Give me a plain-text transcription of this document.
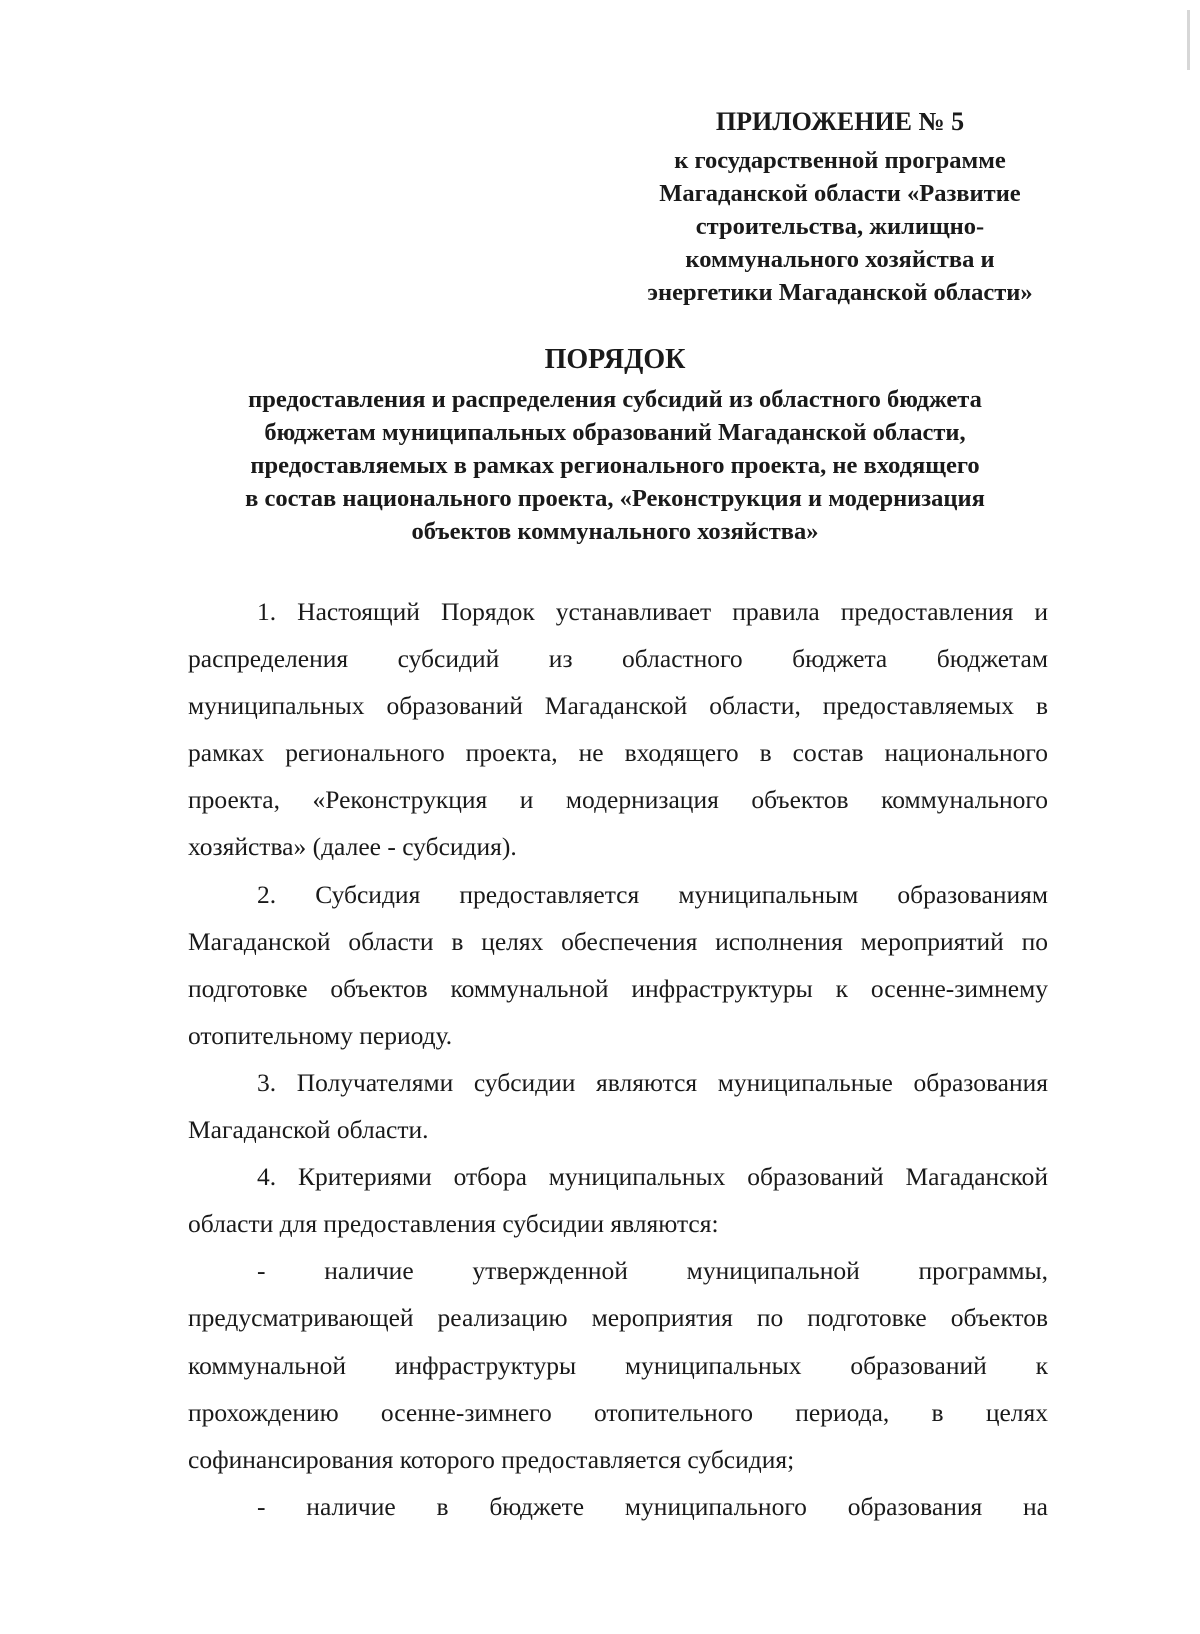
ПРИЛОЖЕНИЕ № 5
к государственной программе
Магаданской области «Развитие
строительства, жилищно-
коммунального хозяйства и
энергетики Магаданской области»
ПОРЯДОК
предоставления и распределения субсидий из областного бюджета
бюджетам муниципальных образований Магаданской области,
предоставляемых в рамках регионального проекта, не входящего
в состав национального проекта, «Реконструкция и модернизация
объектов коммунального хозяйства»
1. Настоящий Порядок устанавливает правила предоставления и
распределения субсидий из областного бюджета бюджетам
муниципальных образований Магаданской области, предоставляемых в
рамках регионального проекта, не входящего в состав национального
проекта, «Реконструкция и модернизация объектов коммунального
хозяйства» (далее - субсидия).
2. Субсидия предоставляется муниципальным образованиям
Магаданской области в целях обеспечения исполнения мероприятий по
подготовке объектов коммунальной инфраструктуры к осенне-зимнему
отопительному периоду.
3. Получателями субсидии являются муниципальные образования
Магаданской области.
4. Критериями отбора муниципальных образований Магаданской
области для предоставления субсидии являются:
- наличие утвержденной муниципальной программы,
предусматривающей реализацию мероприятия по подготовке объектов
коммунальной инфраструктуры муниципальных образований к
прохождению осенне-зимнего отопительного периода, в целях
софинансирования которого предоставляется субсидия;
- наличие в бюджете муниципального образования на
